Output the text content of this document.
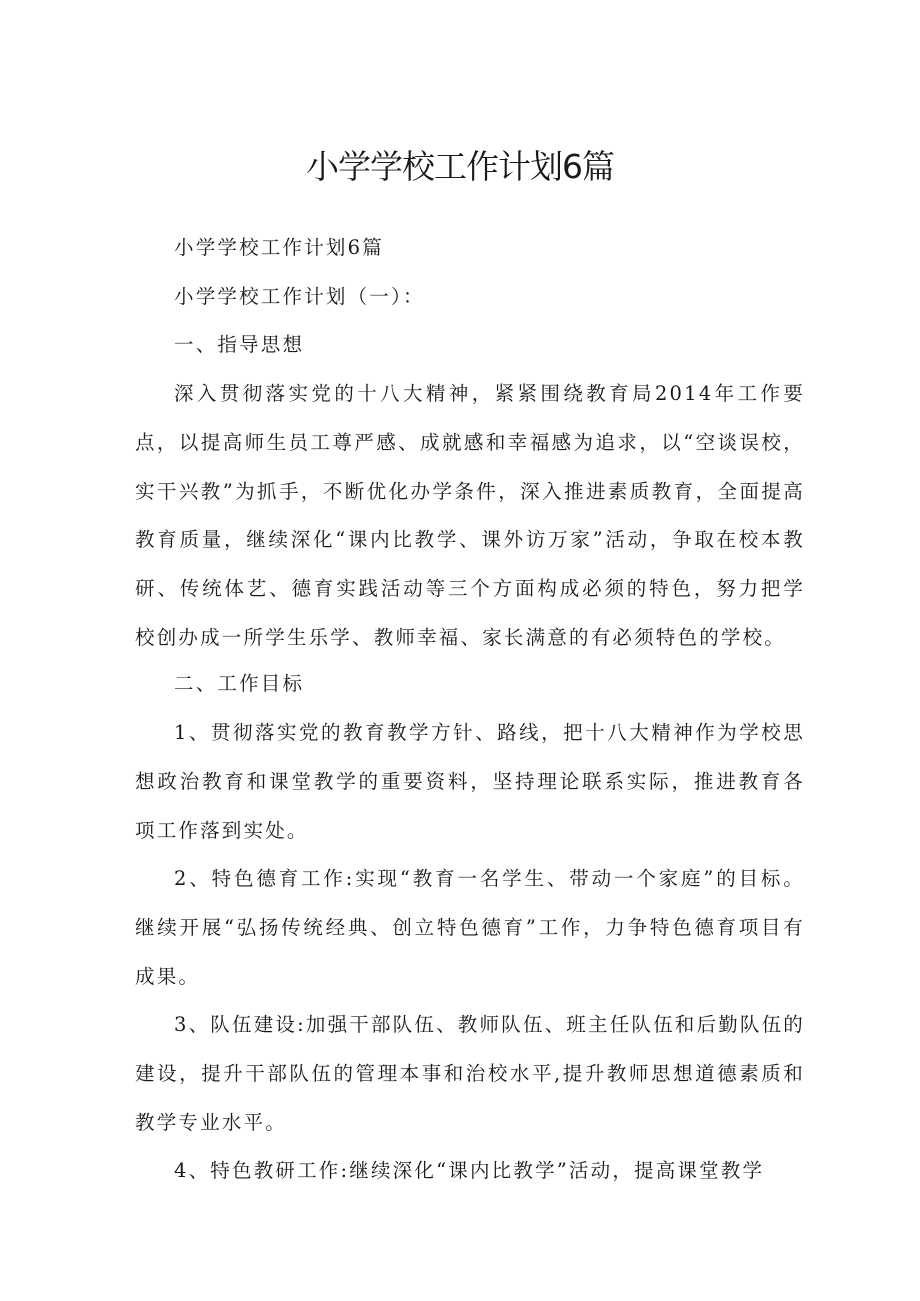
小学学校工作计划6篇

小学学校工作计划6篇

小学学校工作计划（一）：

一、指导思想

深入贯彻落实党的十八大精神，紧紧围绕教育局2014年工作要点，以提高师生员工尊严感、成就感和幸福感为追求，以“空谈误校，实干兴教”为抓手，不断优化办学条件，深入推进素质教育，全面提高教育质量，继续深化“课内比教学、课外访万家”活动，争取在校本教研、传统体艺、德育实践活动等三个方面构成必须的特色，努力把学校创办成一所学生乐学、教师幸福、家长满意的有必须特色的学校。

二、工作目标

1、贯彻落实党的教育教学方针、路线，把十八大精神作为学校思想政治教育和课堂教学的重要资料，坚持理论联系实际，推进教育各项工作落到实处。

2、特色德育工作:实现“教育一名学生、带动一个家庭”的目标。继续开展“弘扬传统经典、创立特色德育”工作，力争特色德育项目有成果。

3、队伍建设:加强干部队伍、教师队伍、班主任队伍和后勤队伍的建设，提升干部队伍的管理本事和治校水平,提升教师思想道德素质和教学专业水平。

4、特色教研工作:继续深化“课内比教学”活动，提高课堂教学
